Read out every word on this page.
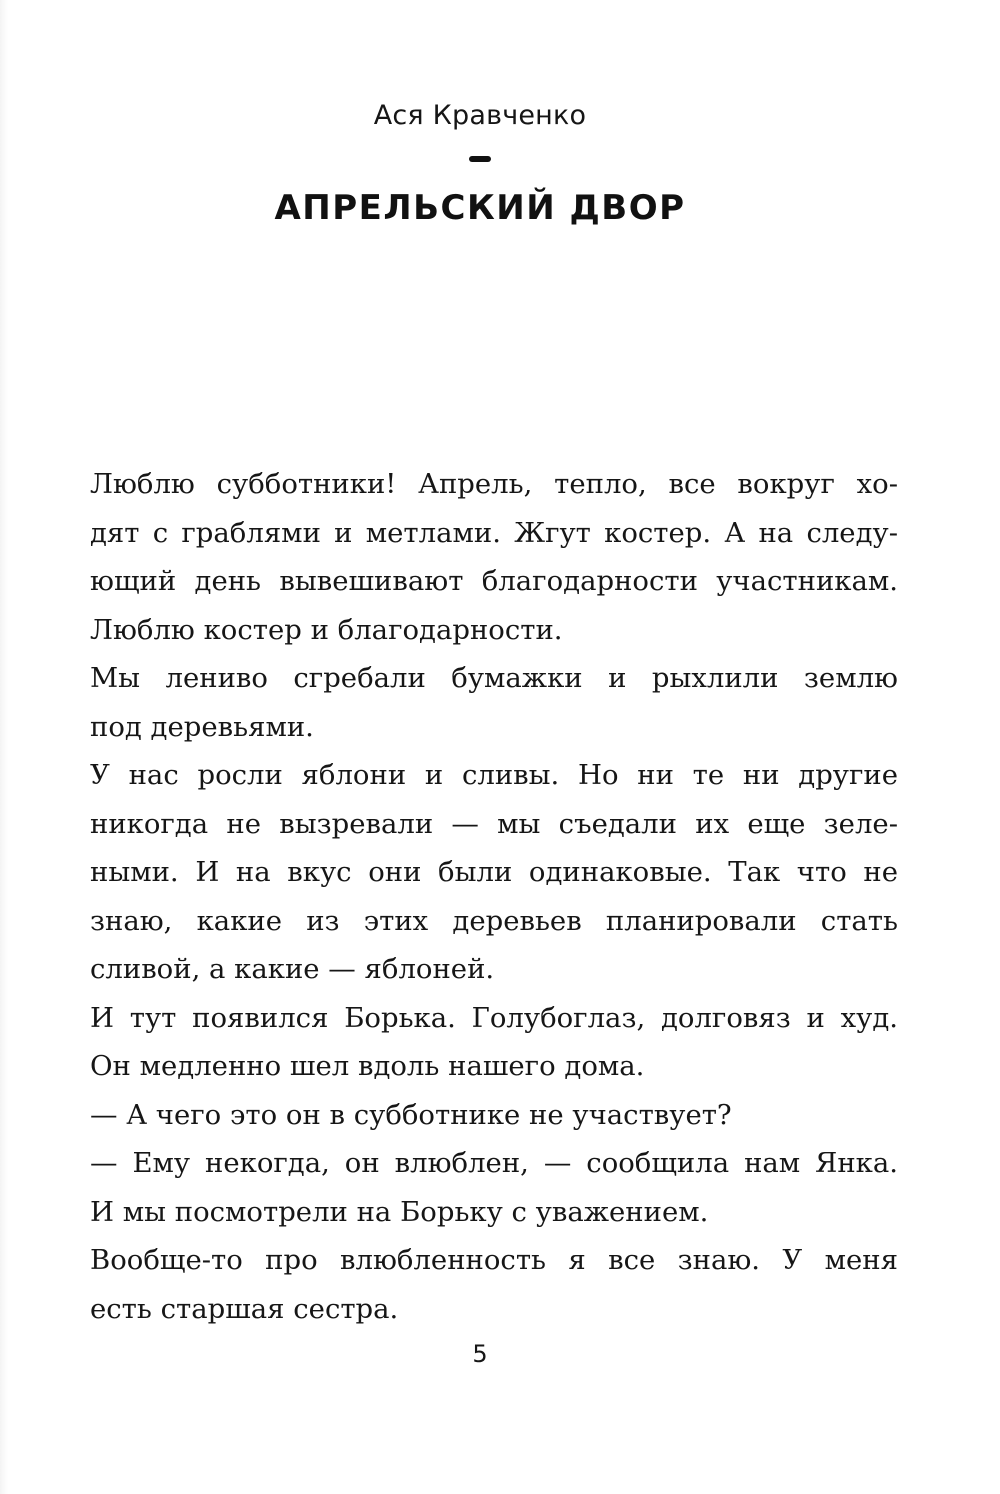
Ася Кравченко
АПРЕЛЬСКИЙ ДВОР
Люблю субботники! Апрель, тепло, все вокруг хо-
дят с граблями и метлами. Жгут костер. А на следу-
ющий день вывешивают благодарности участникам.
Люблю костер и благодарности.
Мы лениво сгребали бумажки и рыхлили землю
под деревьями.
У нас росли яблони и сливы. Но ни те ни другие
никогда не вызревали — мы съедали их еще зеле-
ными. И на вкус они были одинаковые. Так что не
знаю, какие из этих деревьев планировали стать
сливой, а какие — яблоней.
И тут появился Борька. Голубоглаз, долговяз и худ.
Он медленно шел вдоль нашего дома.
— А чего это он в субботнике не участвует?
— Ему некогда, он влюблен, — сообщила нам Янка.
И мы посмотрели на Борьку с уважением.
Вообще-то про влюбленность я все знаю. У меня
есть старшая сестра.
5
